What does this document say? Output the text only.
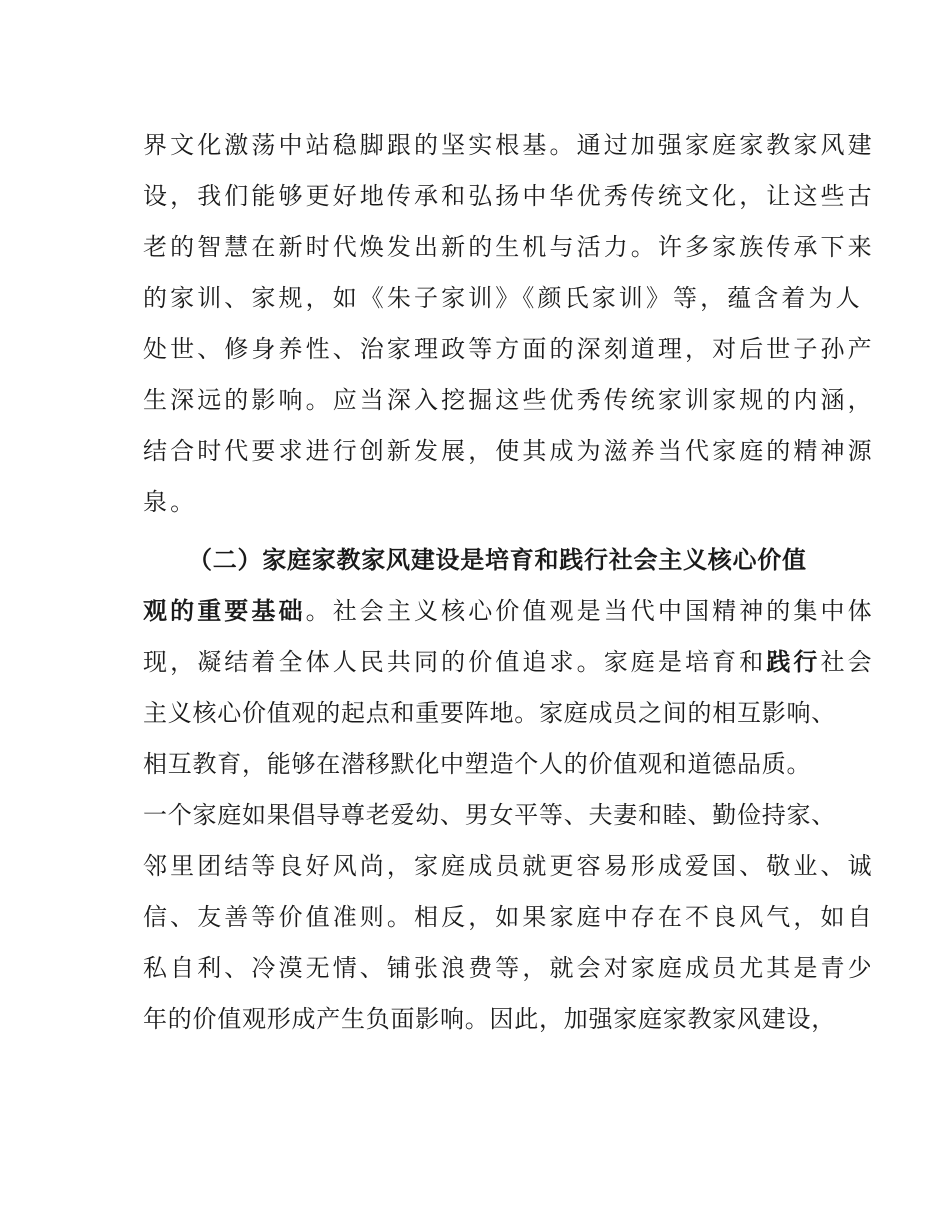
界文化激荡中站稳脚跟的坚实根基。通过加强家庭家教家风建
设，我们能够更好地传承和弘扬中华优秀传统文化，让这些古
老的智慧在新时代焕发出新的生机与活力。许多家族传承下来
的家训、家规，如《朱子家训》《颜氏家训》等，蕴含着为人
处世、修身养性、治家理政等方面的深刻道理，对后世子孙产
生深远的影响。应当深入挖掘这些优秀传统家训家规的内涵，
结合时代要求进行创新发展，使其成为滋养当代家庭的精神源
泉。
（二）家庭家教家风建设是培育和践行社会主义核心价值
观的重要基础。社会主义核心价值观是当代中国精神的集中体
现，凝结着全体人民共同的价值追求。家庭是培育和践行社会
主义核心价值观的起点和重要阵地。家庭成员之间的相互影响、
相互教育，能够在潜移默化中塑造个人的价值观和道德品质。
一个家庭如果倡导尊老爱幼、男女平等、夫妻和睦、勤俭持家、
邻里团结等良好风尚，家庭成员就更容易形成爱国、敬业、诚
信、友善等价值准则。相反，如果家庭中存在不良风气，如自
私自利、冷漠无情、铺张浪费等，就会对家庭成员尤其是青少
年的价值观形成产生负面影响。因此，加强家庭家教家风建设，
